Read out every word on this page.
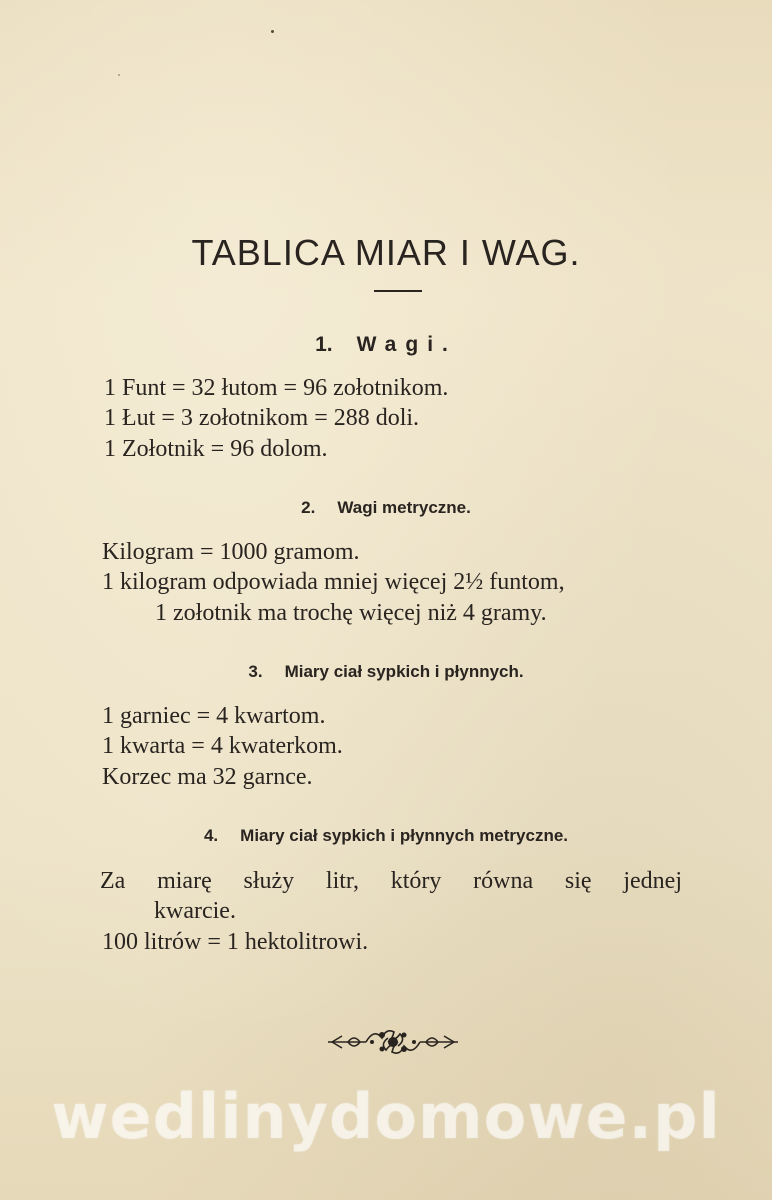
TABLICA MIAR I WAG.
1. Wagi.
1 Funt = 32 łutom = 96 zołotnikom.
1 Łut = 3 zołotnikom = 288 doli.
1 Zołotnik = 96 dolom.
2. Wagi metryczne.
Kilogram = 1000 gramom.
1 kilogram odpowiada mniej więcej 2½ funtom,
1 zołotnik ma trochę więcej niż 4 gramy.
3. Miary ciał sypkich i płynnych.
1 garniec = 4 kwartom.
1 kwarta = 4 kwaterkom.
Korzec ma 32 garnce.
4. Miary ciał sypkich i płynnych metryczne.
Za miarę służy litr, który równa się jednej
kwarcie.
100 litrów = 1 hektolitrowi.
wedlinydomowe.pl
